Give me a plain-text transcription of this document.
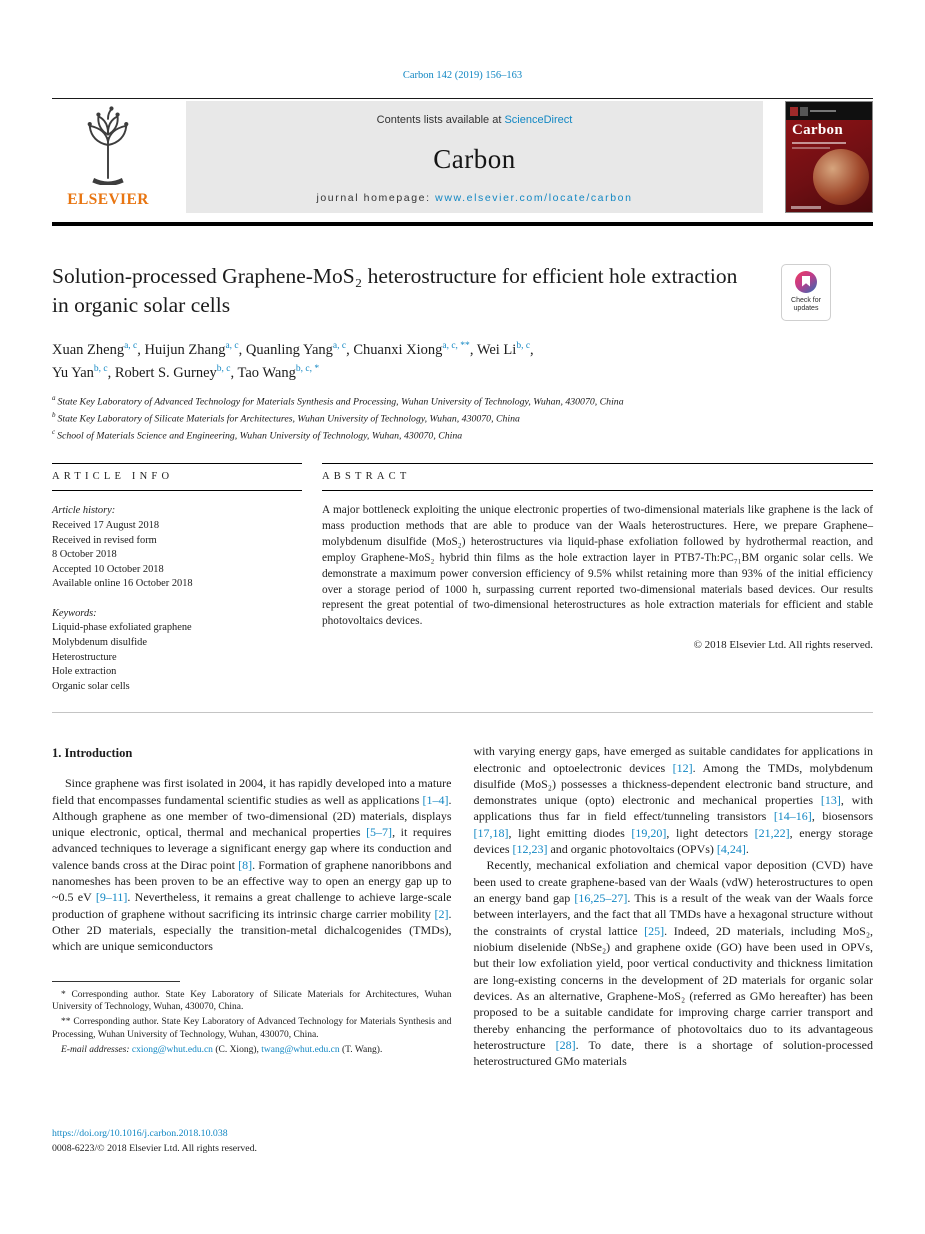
Carbon 142 (2019) 156–163
ELSEVIER
Contents lists available at ScienceDirect
Carbon
journal homepage: www.elsevier.com/locate/carbon
Carbon
Solution-processed Graphene-MoS₂ heterostructure for efficient hole extraction in organic solar cells	Check for updates
Xuan Zheng$^{a, c}$, Huijun Zhang$^{a, c}$, Quanling Yang$^{a, c}$, Chuanxi Xiong$^{a, c, **}$, Wei Li$^{b, c}$,
Yu Yan$^{b, c}$, Robert S. Gurney$^{b, c}$, Tao Wang$^{b, c, *}$
$^a$ State Key Laboratory of Advanced Technology for Materials Synthesis and Processing, Wuhan University of Technology, Wuhan, 430070, China
$^b$ State Key Laboratory of Silicate Materials for Architectures, Wuhan University of Technology, Wuhan, 430070, China
$^c$ School of Materials Science and Engineering, Wuhan University of Technology, Wuhan, 430070, China
ARTICLE INFO
Article history:
Received 17 August 2018
Received in revised form
8 October 2018
Accepted 10 October 2018
Available online 16 October 2018
Keywords:
Liquid-phase exfoliated graphene
Molybdenum disulfide
Heterostructure
Hole extraction
Organic solar cells
ABSTRACT
A major bottleneck exploiting the unique electronic properties of two-dimensional materials like graphene is the lack of mass production methods that are able to produce van der Waals heterostructures. Here, we prepare Graphene–molybdenum disulfide (MoS₂) heterostructures via liquid-phase exfoliation followed by hydrothermal reaction, and employ Graphene-MoS₂ hybrid thin films as the hole extraction layer in PTB7-Th:PC₇₁BM organic solar cells. We demonstrate a maximum power conversion efficiency of 9.5% whilst retaining more than 93% of the initial efficiency over a storage period of 1000 h, surpassing current reported two-dimensional materials based devices. Our results represent the great potential of two-dimensional heterostructures as hole extraction materials for efficient and stable photovoltaics devices.
© 2018 Elsevier Ltd. All rights reserved.
1. Introduction

Since graphene was first isolated in 2004, it has rapidly developed into a mature field that encompasses fundamental scientific studies as well as applications [1–4]. Although graphene as one member of two-dimensional (2D) materials, displays unique electronic, optical, thermal and mechanical properties [5–7], it requires advanced techniques to leverage a significant energy gap where its conduction and valence bands cross at the Dirac point [8]. Formation of graphene nanoribbons and nanomeshes has been proven to be an effective way to open an energy gap up to ~0.5 eV [9–11]. Nevertheless, it remains a great challenge to achieve large-scale production of graphene without sacrificing its intrinsic charge carrier mobility [2]. Other 2D materials, especially the transition-metal dichalcogenides (TMDs), which are unique semiconductors

* Corresponding author. State Key Laboratory of Silicate Materials for Architectures, Wuhan University of Technology, Wuhan, 430070, China.

** Corresponding author. State Key Laboratory of Advanced Technology for Materials Synthesis and Processing, Wuhan University of Technology, Wuhan, 430070, China.

E-mail addresses: cxiong@whut.edu.cn (C. Xiong), twang@whut.edu.cn (T. Wang).

with varying energy gaps, have emerged as suitable candidates for applications in electronic and optoelectronic devices [12]. Among the TMDs, molybdenum disulfide (MoS₂) possesses a thickness-dependent electronic band structure, and demonstrates unique (opto) electronic and mechanical properties [13], with applications thus far in field effect/tunneling transistors [14–16], biosensors [17,18], light emitting diodes [19,20], light detectors [21,22], energy storage devices [12,23] and organic photovoltaics (OPVs) [4,24].

Recently, mechanical exfoliation and chemical vapor deposition (CVD) have been used to create graphene-based van der Waals (vdW) heterostructures to open an energy band gap [16,25–27]. This is a result of the weak van der Waals force between interlayers, and the fact that all TMDs have a hexagonal structure without the constraints of crystal lattice [25]. Indeed, 2D materials, including MoS₂, niobium diselenide (NbSe₂) and graphene oxide (GO) have been used in OPVs, but their low exfoliation yield, poor vertical conductivity and thickness limitation are long-existing concerns in the development of 2D materials for organic solar devices. As an alternative, Graphene-MoS₂ (referred as GMo hereafter) has been proposed to be a suitable candidate for improving charge carrier transport and thereby enhancing the performance of photovoltaics duo to its advantageous heterostructure [28]. To date, there is a shortage of solution-processed heterostructured GMo materials

https://doi.org/10.1016/j.carbon.2018.10.038
0008-6223/© 2018 Elsevier Ltd. All rights reserved.
